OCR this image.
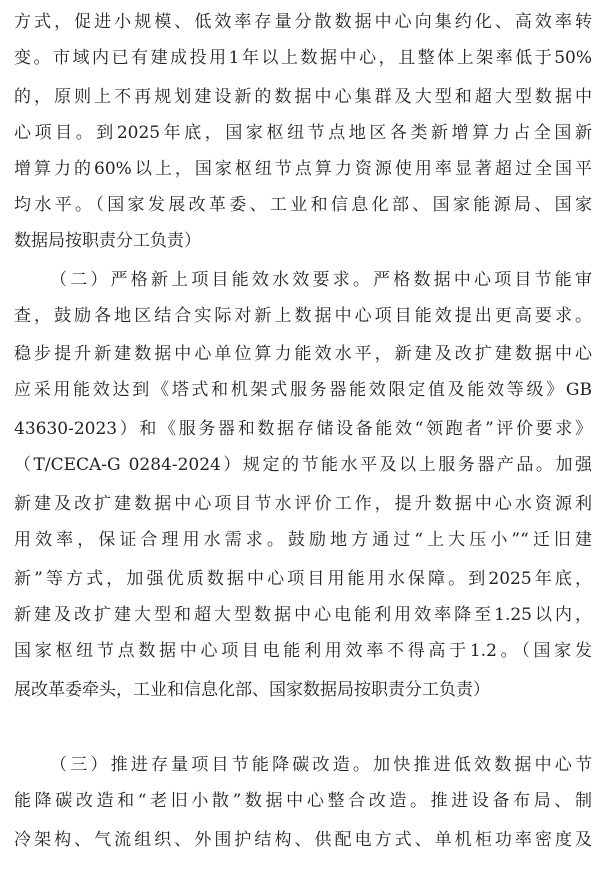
方式，促进小规模、低效率存量分散数据中心向集约化、高效率转
变。市域内已有建成投用1年以上数据中心，且整体上架率低于50%
的，原则上不再规划建设新的数据中心集群及大型和超大型数据中
心项目。到2025年底，国家枢纽节点地区各类新增算力占全国新
增算力的60%以上，国家枢纽节点算力资源使用率显著超过全国平
均水平。（国家发展改革委、工业和信息化部、国家能源局、国家
数据局按职责分工负责）
（二）严格新上项目能效水效要求。严格数据中心项目节能审
查，鼓励各地区结合实际对新上数据中心项目能效提出更高要求。
稳步提升新建数据中心单位算力能效水平，新建及改扩建数据中心
应采用能效达到《塔式和机架式服务器能效限定值及能效等级》GB
43630-2023）和《服务器和数据存储设备能效“领跑者”评价要求》
（T/CECA-G 0284-2024）规定的节能水平及以上服务器产品。加强
新建及改扩建数据中心项目节水评价工作，提升数据中心水资源利
用效率，保证合理用水需求。鼓励地方通过“上大压小”“迁旧建
新”等方式，加强优质数据中心项目用能用水保障。到2025年底，
新建及改扩建大型和超大型数据中心电能利用效率降至1.25以内，
国家枢纽节点数据中心项目电能利用效率不得高于1.2。（国家发
展改革委牵头，工业和信息化部、国家数据局按职责分工负责）
（三）推进存量项目节能降碳改造。加快推进低效数据中心节
能降碳改造和“老旧小散”数据中心整合改造。推进设备布局、制
冷架构、气流组织、外围护结构、供配电方式、单机柜功率密度及
